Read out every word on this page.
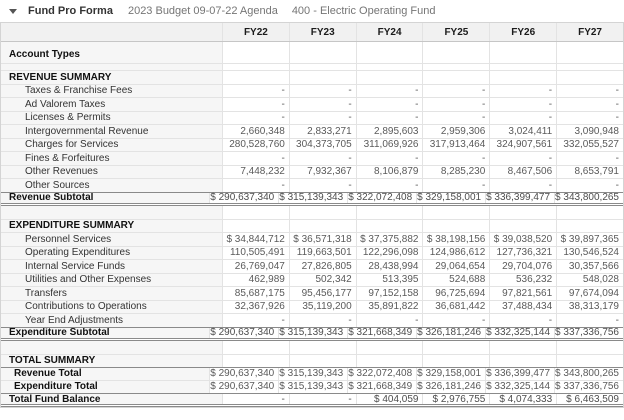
Fund Pro Forma 2023 Budget 09-07-22 Agenda 400 - Electric Operating Fund
FY22	FY23	FY24	FY25	FY26	FY27
Account Types
REVENUE SUMMARY
Taxes & Franchise Fees	-	-	-	-	-	-
Ad Valorem Taxes	-	-	-	-	-	-
Licenses & Permits	-	-	-	-	-	-
Intergovernmental Revenue	2,660,348	2,833,271	2,895,603	2,959,306	3,024,411	3,090,948
Charges for Services	280,528,760	304,373,705	311,069,926	317,913,464	324,907,561	332,055,527
Fines & Forfeitures	-	-	-	-	-	-
Other Revenues	7,448,232	7,932,367	8,106,879	8,285,230	8,467,506	8,653,791
Other Sources	-	-	-	-	-	-
Revenue Subtotal	$ 290,637,340 $ 315,139,343 $ 322,072,408 $ 329,158,001 $ 336,399,477 $ 343,800,265
EXPENDITURE SUMMARY
Personnel Services	$ 34,844,712 $ 36,571,318 $ 37,375,882 $ 38,198,156 $ 39,038,520 $ 39,897,365
Operating Expenditures	110,505,491	119,663,501	122,296,098	124,986,612	127,736,321	130,546,524
Internal Service Funds	26,769,047	27,826,805	28,438,994	29,064,654	29,704,076	30,357,566
Utilities and Other Expenses	462,989	502,342	513,395	524,688	536,232	548,028
Transfers	85,687,175	95,456,177	97,152,158	96,725,694	97,821,561	97,674,094
Contributions to Operations	32,367,926	35,119,200	35,891,822	36,681,442	37,488,434	38,313,179
Year End Adjustments	-	-	-	-	-	-
Expenditure Subtotal	$ 290,637,340 $ 315,139,343 $ 321,668,349 $ 326,181,246 $ 332,325,144 $ 337,336,756
TOTAL SUMMARY
Revenue Total	$ 290,637,340 $ 315,139,343 $ 322,072,408 $ 329,158,001 $ 336,399,477 $ 343,800,265
Expenditure Total	$ 290,637,340 $ 315,139,343 $ 321,668,349 $ 326,181,246 $ 332,325,144 $ 337,336,756
Total Fund Balance	-	-	$ 404,059	$ 2,976,755	$ 4,074,333	$ 6,463,509
